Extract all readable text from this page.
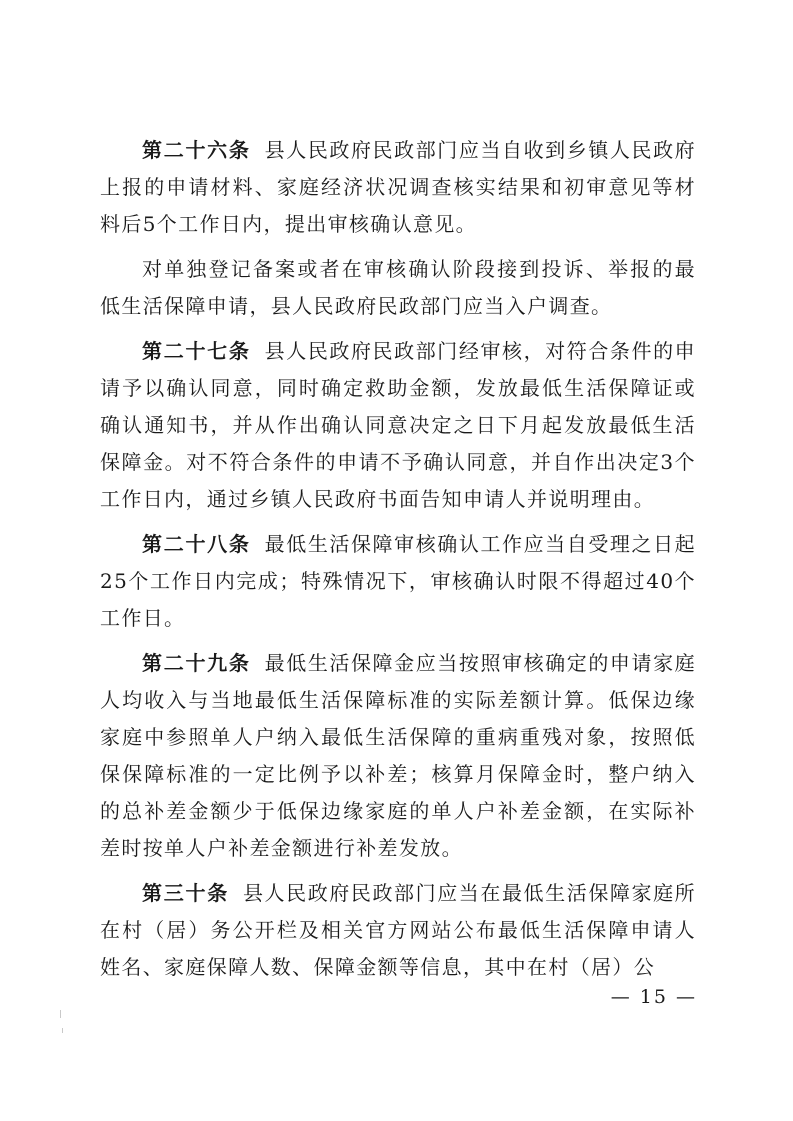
第二十六条 县人民政府民政部门应当自收到乡镇人民政府上报的申请材料、家庭经济状况调查核实结果和初审意见等材料后5个工作日内，提出审核确认意见。

对单独登记备案或者在审核确认阶段接到投诉、举报的最低生活保障申请，县人民政府民政部门应当入户调查。

第二十七条 县人民政府民政部门经审核，对符合条件的申请予以确认同意，同时确定救助金额，发放最低生活保障证或确认通知书，并从作出确认同意决定之日下月起发放最低生活保障金。对不符合条件的申请不予确认同意，并自作出决定3个工作日内，通过乡镇人民政府书面告知申请人并说明理由。

第二十八条 最低生活保障审核确认工作应当自受理之日起25个工作日内完成；特殊情况下，审核确认时限不得超过40个工作日。

第二十九条 最低生活保障金应当按照审核确定的申请家庭人均收入与当地最低生活保障标准的实际差额计算。低保边缘家庭中参照单人户纳入最低生活保障的重病重残对象，按照低保保障标准的一定比例予以补差；核算月保障金时，整户纳入的总补差金额少于低保边缘家庭的单人户补差金额，在实际补差时按单人户补差金额进行补差发放。

第三十条 县人民政府民政部门应当在最低生活保障家庭所在村（居）务公开栏及相关官方网站公布最低生活保障申请人姓名、家庭保障人数、保障金额等信息，其中在村（居）公

— 15 —
